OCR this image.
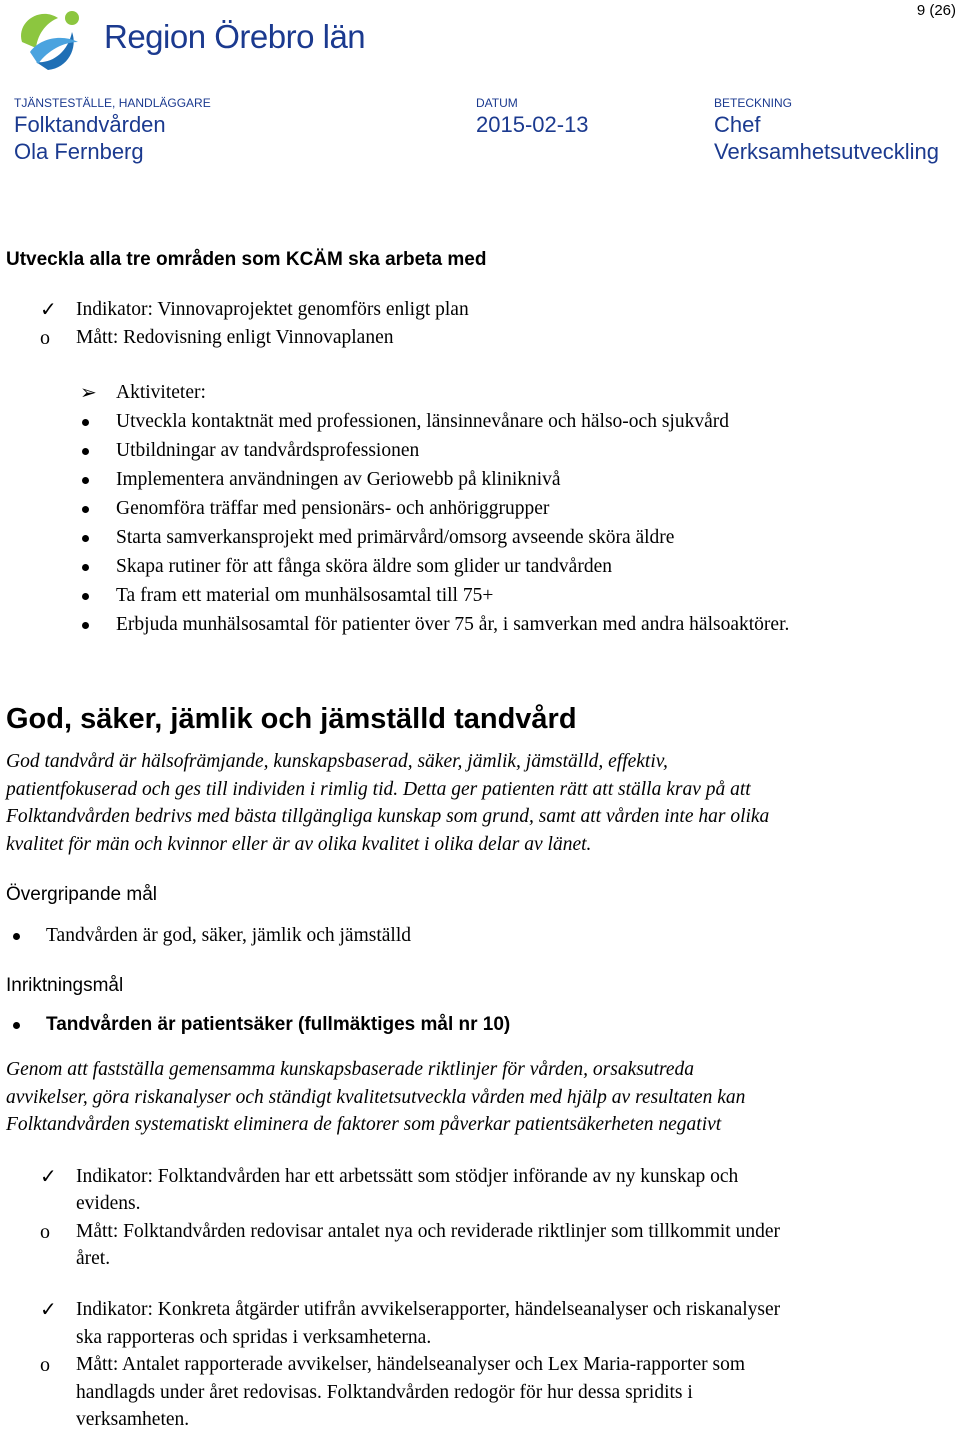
Region Örebro län
9 (26)
TJÄNSTESTÄLLE, HANDLÄGGARE
Folktandvården
Ola Fernberg
DATUM
2015-02-13
BETECKNING
Chef
Verksamhetsutveckling
Utveckla alla tre områden som KCÄM ska arbeta med
✓ Indikator: Vinnovaprojektet genomförs enligt plan
o Mått: Redovisning enligt Vinnovaplanen
➢ Aktiviteter:
Utveckla kontaktnät med professionen, länsinnevånare och hälso-och sjukvård
Utbildningar av tandvårdsprofessionen
Implementera användningen av Geriowebb på kliniknivå
Genomföra träffar med pensionärs- och anhöriggrupper
Starta samverkansprojekt med primärvård/omsorg avseende sköra äldre
Skapa rutiner för att fånga sköra äldre som glider ur tandvården
Ta fram ett material om munhälsosamtal till 75+
Erbjuda munhälsosamtal för patienter över 75 år, i samverkan med andra hälsoaktörer.
God, säker, jämlik och jämställd tandvård
God tandvård är hälsofrämjande, kunskapsbaserad, säker, jämlik, jämställd, effektiv,
patientfokuserad och ges till individen i rimlig tid. Detta ger patienten rätt att ställa krav på att
Folktandvården bedrivs med bästa tillgängliga kunskap som grund, samt att vården inte har olika
kvalitet för män och kvinnor eller är av olika kvalitet i olika delar av länet.
Övergripande mål
Tandvården är god, säker, jämlik och jämställd
Inriktningsmål
Tandvården är patientsäker (fullmäktiges mål nr 10)
Genom att fastställa gemensamma kunskapsbaserade riktlinjer för vården, orsaksutreda
avvikelser, göra riskanalyser och ständigt kvalitetsutveckla vården med hjälp av resultaten kan
Folktandvården systematiskt eliminera de faktorer som påverkar patientsäkerheten negativt
✓ Indikator: Folktandvården har ett arbetssätt som stödjer införande av ny kunskap och
evidens.
o Mått: Folktandvården redovisar antalet nya och reviderade riktlinjer som tillkommit under
året.
✓ Indikator: Konkreta åtgärder utifrån avvikelserapporter, händelseanalyser och riskanalyser
ska rapporteras och spridas i verksamheterna.
o Mått: Antalet rapporterade avvikelser, händelseanalyser och Lex Maria-rapporter som
handlagds under året redovisas. Folktandvården redogör för hur dessa spridits i
verksamheten.
